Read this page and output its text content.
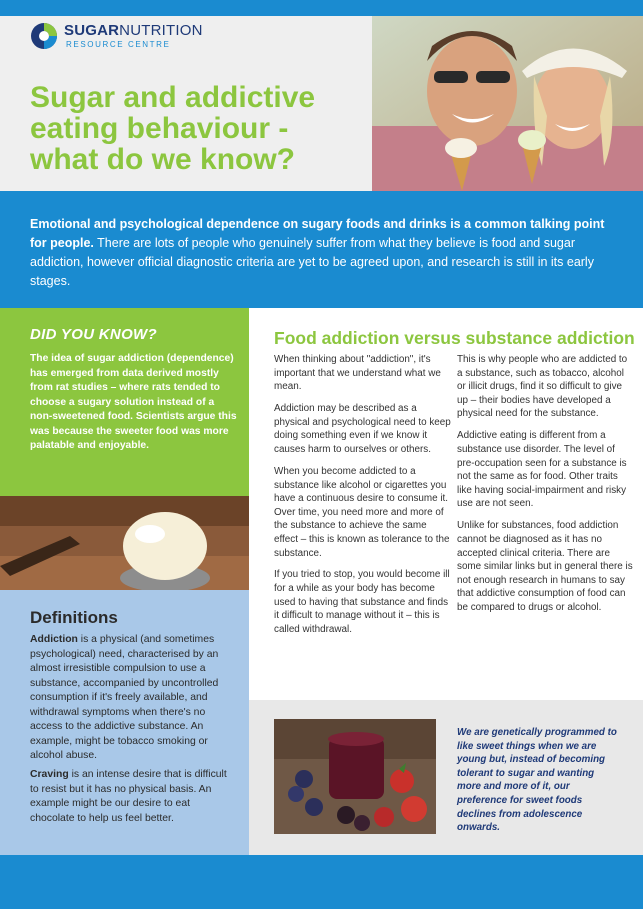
SUGARNUTRITION
RESOURCE CENTRE
Sugar and addictive eating behaviour - what do we know?

Emotional and psychological dependence on sugary foods and drinks is a common talking point for people. There are lots of people who genuinely suffer from what they believe is food and sugar addiction, however official diagnostic criteria are yet to be agreed upon, and research is still in its early stages.

DID YOU KNOW?

The idea of sugar addiction (dependence) has emerged from data derived mostly from rat studies – where rats tended to choose a sugary solution instead of a non-sweetened food. Scientists argue this was because the sweeter food was more palatable and enjoyable.

Definitions

Addiction is a physical (and sometimes psychological) need, characterised by an almost irresistible compulsion to use a substance, accompanied by uncontrolled consumption if it's freely available, and withdrawal symptoms when there's no access to the addictive substance. An example, might be tobacco smoking or alcohol abuse.

Craving is an intense desire that is difficult to resist but it has no physical basis. An example might be our desire to eat chocolate to help us feel better.

Food addiction versus substance addiction

When thinking about "addiction", it's important that we understand what we mean.

Addiction may be described as a physical and psychological need to keep doing something even if we know it causes harm to ourselves or others.

When you become addicted to a substance like alcohol or cigarettes you have a continuous desire to consume it. Over time, you need more and more of the substance to achieve the same effect – this is known as tolerance to the substance.

If you tried to stop, you would become ill for a while as your body has become used to having that substance and finds it difficult to manage without it – this is called withdrawal.

This is why people who are addicted to a substance, such as tobacco, alcohol or illicit drugs, find it so difficult to give up – their bodies have developed a physical need for the substance.

Addictive eating is different from a substance use disorder. The level of pre-occupation seen for a substance is not the same as for food. Other traits like having social-impairment and risky use are not seen.

Unlike for substances, food addiction cannot be diagnosed as it has no accepted clinical criteria. There are some similar links but in general there is not enough research in humans to say that addictive consumption of food can be compared to drugs or alcohol.

We are genetically programmed to like sweet things when we are young but, instead of becoming tolerant to sugar and wanting more and more of it, our preference for sweet foods declines from adolescence onwards.
